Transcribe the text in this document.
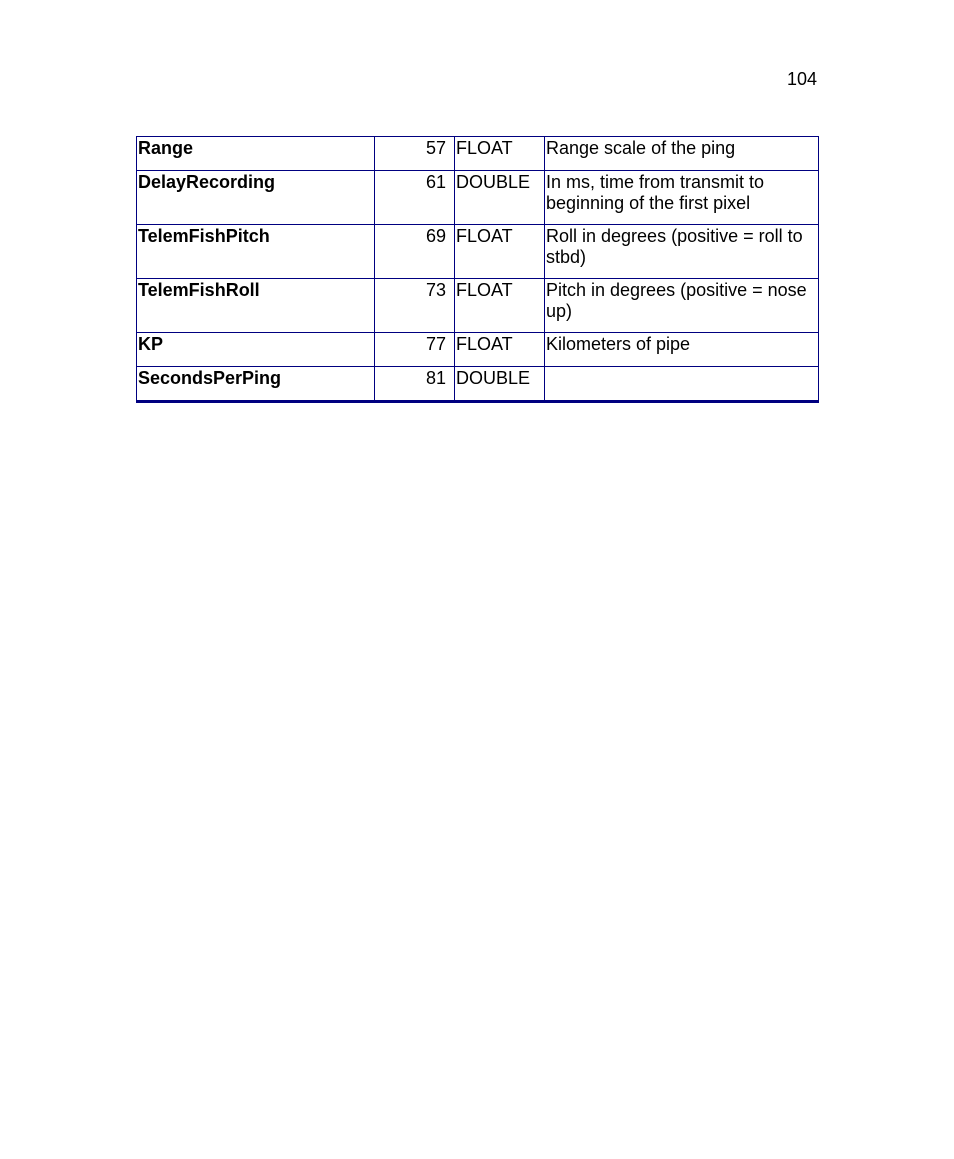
104
Range	57	FLOAT	Range scale of the ping
DelayRecording	61	DOUBLE	In ms, time from transmit to beginning of the first pixel
TelemFishPitch	69	FLOAT	Roll in degrees (positive = roll to stbd)
TelemFishRoll	73	FLOAT	Pitch in degrees (positive = nose up)
KP	77	FLOAT	Kilometers of pipe
SecondsPerPing	81	DOUBLE	
